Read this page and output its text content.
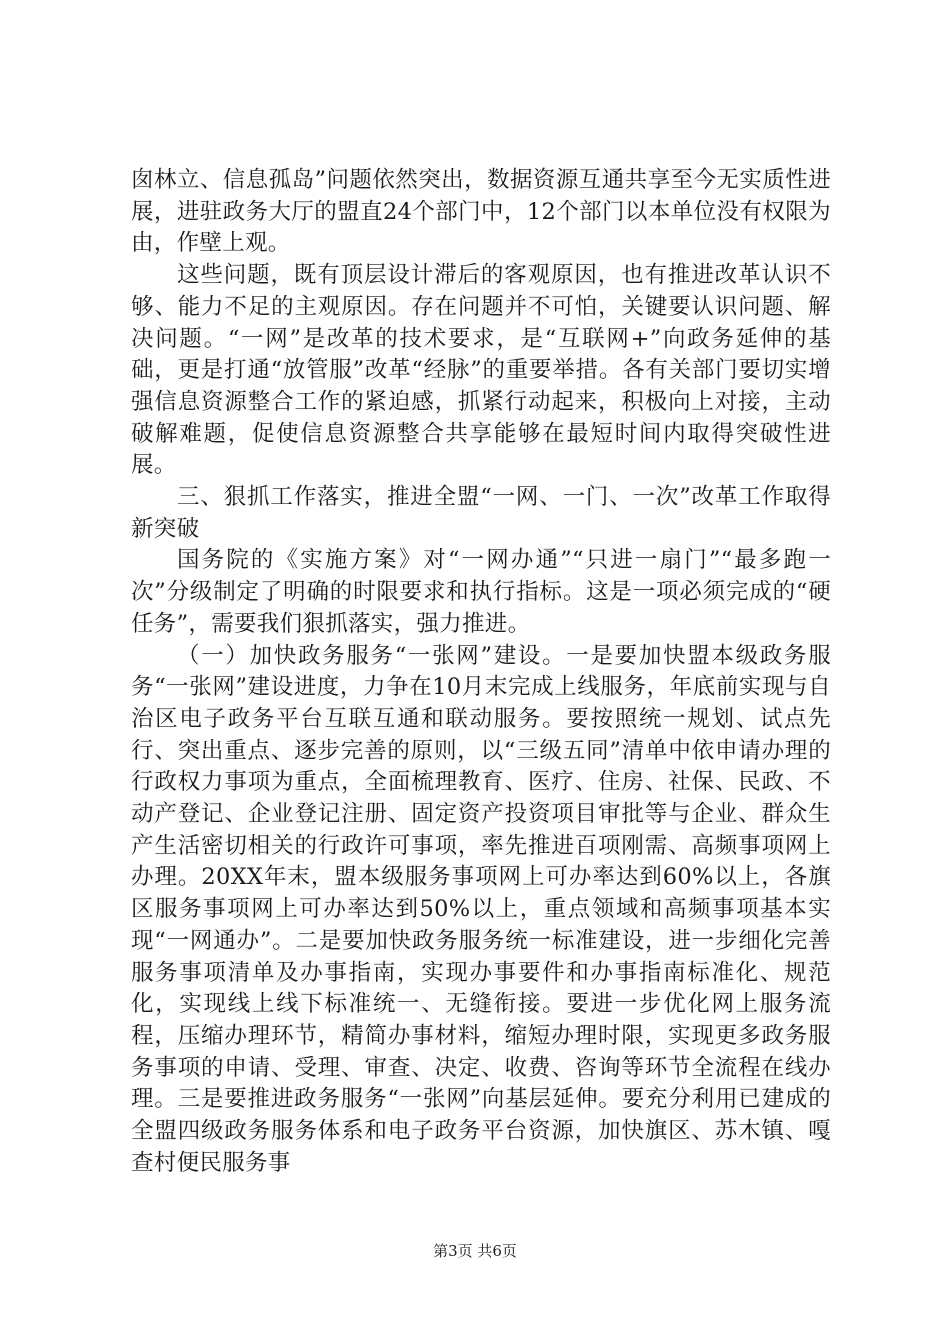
囱林立、信息孤岛”问题依然突出，数据资源互通共享至今无实质性进展，进驻政务大厅的盟直24个部门中，12个部门以本单位没有权限为由，作壁上观。

这些问题，既有顶层设计滞后的客观原因，也有推进改革认识不够、能力不足的主观原因。存在问题并不可怕，关键要认识问题、解决问题。“一网”是改革的技术要求，是“互联网+”向政务延伸的基础，更是打通“放管服”改革“经脉”的重要举措。各有关部门要切实增强信息资源整合工作的紧迫感，抓紧行动起来，积极向上对接，主动破解难题，促使信息资源整合共享能够在最短时间内取得突破性进展。

三、狠抓工作落实，推进全盟“一网、一门、一次”改革工作取得新突破

国务院的《实施方案》对“一网办通”“只进一扇门”“最多跑一次”分级制定了明确的时限要求和执行指标。这是一项必须完成的“硬任务”，需要我们狠抓落实，强力推进。

（一）加快政务服务“一张网”建设。一是要加快盟本级政务服务“一张网”建设进度，力争在10月末完成上线服务，年底前实现与自治区电子政务平台互联互通和联动服务。要按照统一规划、试点先行、突出重点、逐步完善的原则，以“三级五同”清单中依申请办理的行政权力事项为重点，全面梳理教育、医疗、住房、社保、民政、不动产登记、企业登记注册、固定资产投资项目审批等与企业、群众生产生活密切相关的行政许可事项，率先推进百项刚需、高频事项网上办理。20XX年末，盟本级服务事项网上可办率达到60%以上，各旗区服务事项网上可办率达到50%以上，重点领域和高频事项基本实现“一网通办”。二是要加快政务服务统一标准建设，进一步细化完善服务事项清单及办事指南，实现办事要件和办事指南标准化、规范化，实现线上线下标准统一、无缝衔接。要进一步优化网上服务流程，压缩办理环节，精简办事材料，缩短办理时限，实现更多政务服务事项的申请、受理、审查、决定、收费、咨询等环节全流程在线办理。三是要推进政务服务“一张网”向基层延伸。要充分利用已建成的全盟四级政务服务体系和电子政务平台资源，加快旗区、苏木镇、嘎查村便民服务事

第3页 共6页
